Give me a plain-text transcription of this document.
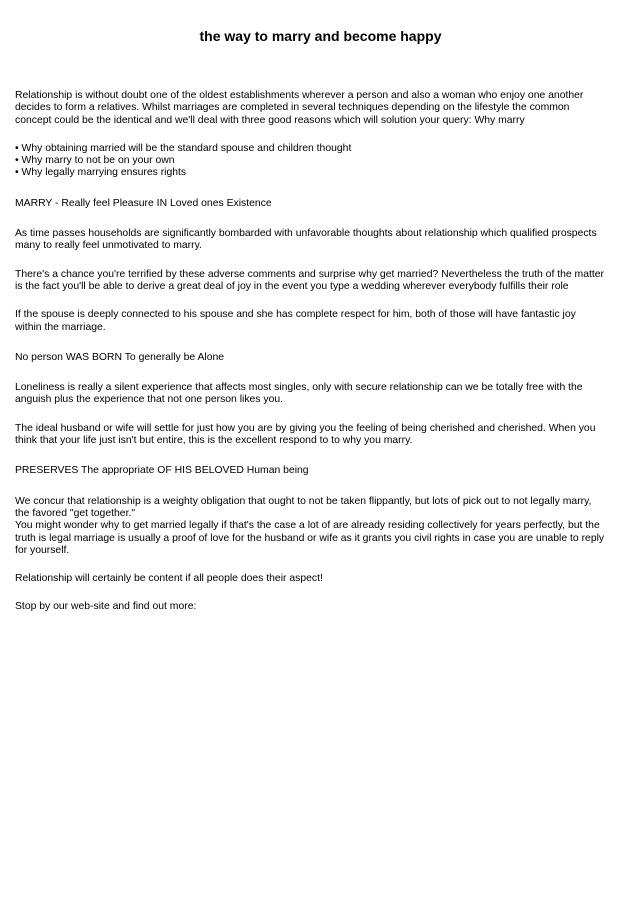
the way to marry and become happy

Relationship is without doubt one of the oldest establishments wherever a person and also a woman who enjoy one another
decides to form a relatives. Whilst marriages are completed in several techniques depending on the lifestyle the common
concept could be the identical and we'll deal with three good reasons which will solution your query: Why marry

• Why obtaining married will be the standard spouse and children thought
• Why marry to not be on your own
• Why legally marrying ensures rights

MARRY - Really feel Pleasure IN Loved ones Existence

As time passes households are significantly bombarded with unfavorable thoughts about relationship which qualified prospects
many to really feel unmotivated to marry.

There's a chance you're terrified by these adverse comments and surprise why get married? Nevertheless the truth of the matter
is the fact you'll be able to derive a great deal of joy in the event you type a wedding wherever everybody fulfills their role

If the spouse is deeply connected to his spouse and she has complete respect for him, both of those will have fantastic joy
within the marriage.

No person WAS BORN To generally be Alone

Loneliness is really a silent experience that affects most singles, only with secure relationship can we be totally free with the
anguish plus the experience that not one person likes you.

The ideal husband or wife will settle for just how you are by giving you the feeling of being cherished and cherished. When you
think that your life just isn't but entire, this is the excellent respond to to why you marry.

PRESERVES The appropriate OF HIS BELOVED Human being

We concur that relationship is a weighty obligation that ought to not be taken flippantly, but lots of pick out to not legally marry,
the favored "get together."
You might wonder why to get married legally if that's the case a lot of are already residing collectively for years perfectly, but the
truth is legal marriage is usually a proof of love for the husband or wife as it grants you civil rights in case you are unable to reply
for yourself.

Relationship will certainly be content if all people does their aspect!

Stop by our web-site and find out more:
